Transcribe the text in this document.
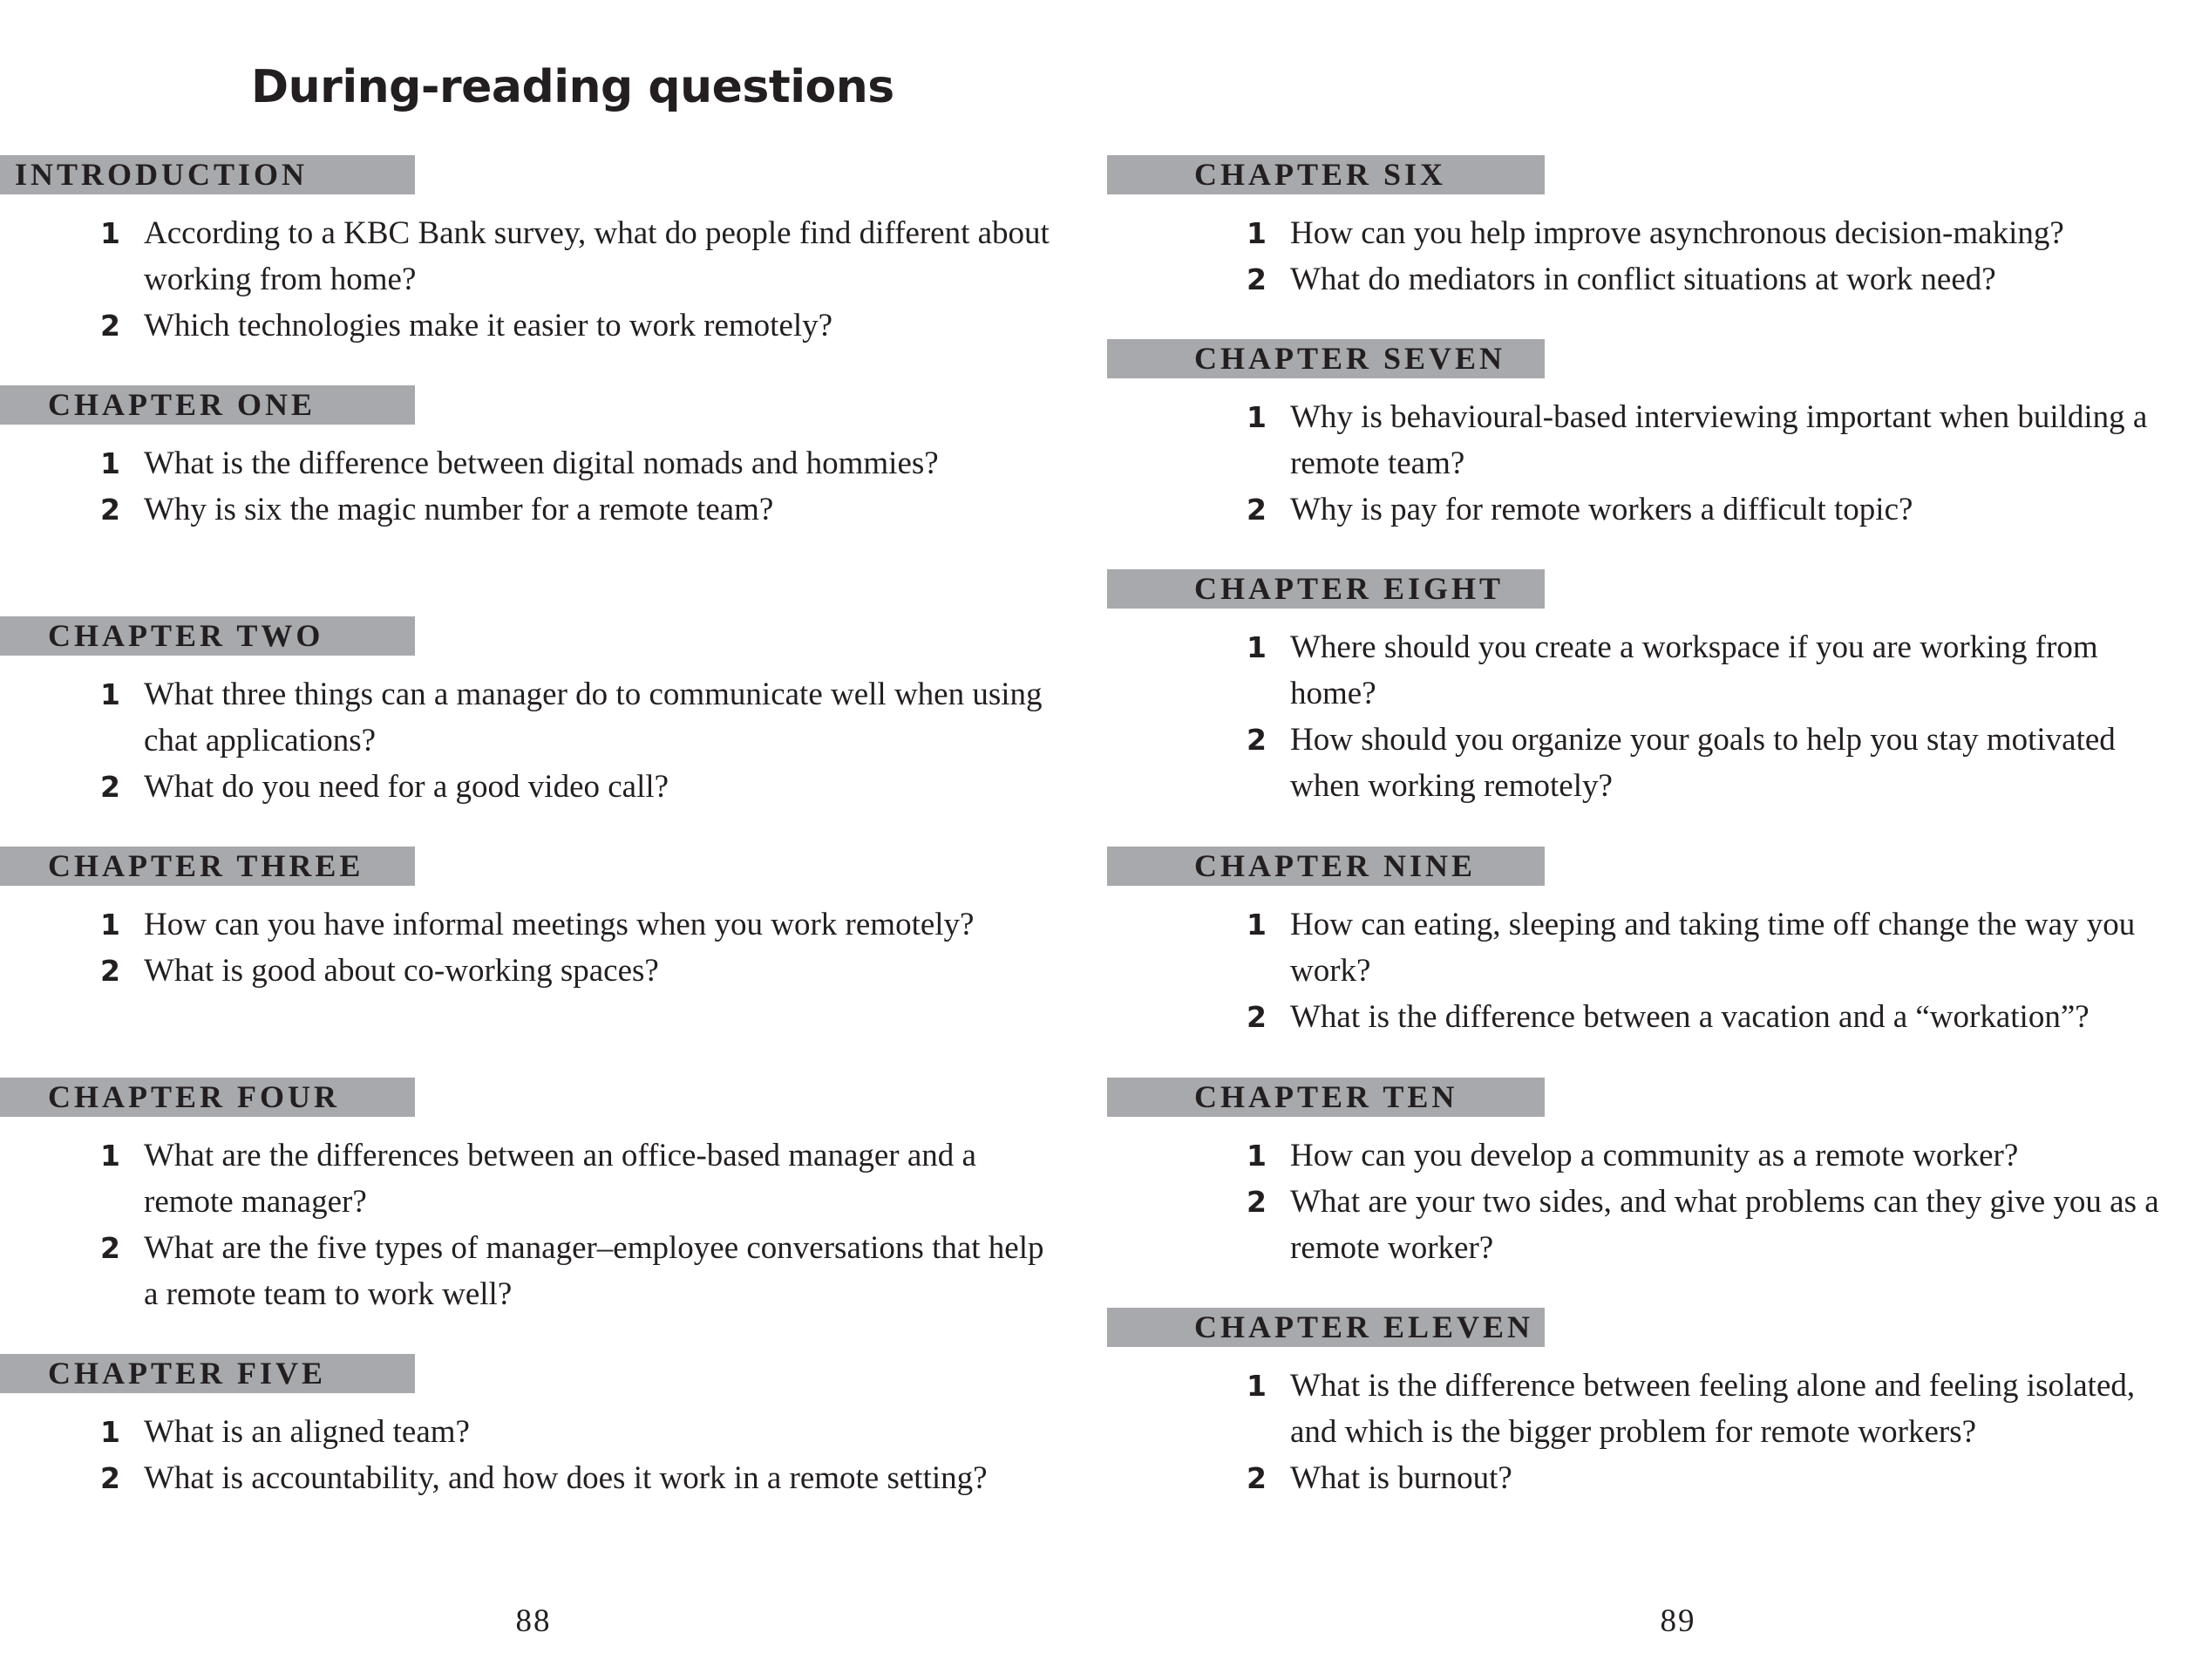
During-reading questions
INTRODUCTION
1 According to a KBC Bank survey, what do people find different about working from home?
2 Which technologies make it easier to work remotely?
CHAPTER ONE
1 What is the difference between digital nomads and hommies?
2 Why is six the magic number for a remote team?
CHAPTER TWO
1 What three things can a manager do to communicate well when using chat applications?
2 What do you need for a good video call?
CHAPTER THREE
1 How can you have informal meetings when you work remotely?
2 What is good about co-working spaces?
CHAPTER FOUR
1 What are the differences between an office-based manager and a remote manager?
2 What are the five types of manager–employee conversations that help a remote team to work well?
CHAPTER FIVE
1 What is an aligned team?
2 What is accountability, and how does it work in a remote setting?
88
CHAPTER SIX
1 How can you help improve asynchronous decision-making?
2 What do mediators in conflict situations at work need?
CHAPTER SEVEN
1 Why is behavioural-based interviewing important when building a remote team?
2 Why is pay for remote workers a difficult topic?
CHAPTER EIGHT
1 Where should you create a workspace if you are working from home?
2 How should you organize your goals to help you stay motivated when working remotely?
CHAPTER NINE
1 How can eating, sleeping and taking time off change the way you work?
2 What is the difference between a vacation and a “workation”?
CHAPTER TEN
1 How can you develop a community as a remote worker?
2 What are your two sides, and what problems can they give you as a remote worker?
CHAPTER ELEVEN
1 What is the difference between feeling alone and feeling isolated, and which is the bigger problem for remote workers?
2 What is burnout?
89
